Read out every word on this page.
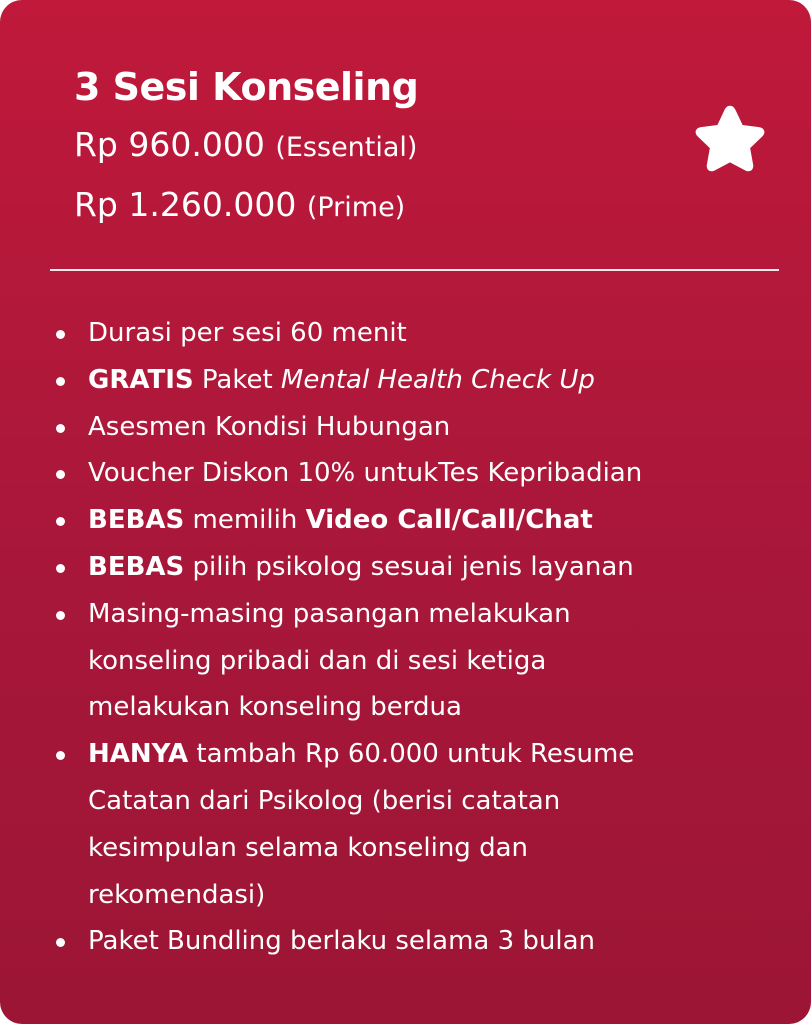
3 Sesi Konseling
Rp 960.000 (Essential)
Rp 1.260.000 (Prime)
Durasi per sesi 60 menit
GRATIS Paket Mental Health Check Up
Asesmen Kondisi Hubungan
Voucher Diskon 10% untukTes Kepribadian
BEBAS memilih Video Call/Call/Chat
BEBAS pilih psikolog sesuai jenis layanan
Masing-masing pasangan melakukan
konseling pribadi dan di sesi ketiga
melakukan konseling berdua
HANYA tambah Rp 60.000 untuk Resume
Catatan dari Psikolog (berisi catatan
kesimpulan selama konseling dan
rekomendasi)
Paket Bundling berlaku selama 3 bulan
